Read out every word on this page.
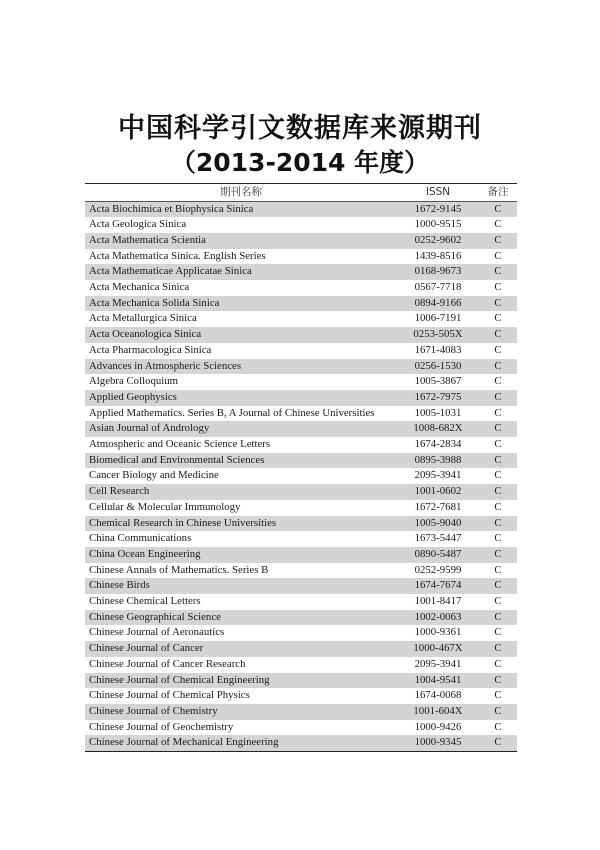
中国科学引文数据库来源期刊
（2013-2014 年度）
期刊名称	ISSN	备注
Acta Biochimica et Biophysica Sinica	1672-9145	C
Acta Geologica Sinica	1000-9515	C
Acta Mathematica Scientia	0252-9602	C
Acta Mathematica Sinica. English Series	1439-8516	C
Acta Mathematicae Applicatae Sinica	0168-9673	C
Acta Mechanica Sinica	0567-7718	C
Acta Mechanica Solida Sinica	0894-9166	C
Acta Metallurgica Sinica	1006-7191	C
Acta Oceanologica Sinica	0253-505X	C
Acta Pharmacologica Sinica	1671-4083	C
Advances in Atmospheric Sciences	0256-1530	C
Algebra Colloquium	1005-3867	C
Applied Geophysics	1672-7975	C
Applied Mathematics. Series B, A Journal of Chinese Universities	1005-1031	C
Asian Journal of Andrology	1008-682X	C
Atmospheric and Oceanic Science Letters	1674-2834	C
Biomedical and Environmental Sciences	0895-3988	C
Cancer Biology and Medicine	2095-3941	C
Cell Research	1001-0602	C
Cellular & Molecular Immunology	1672-7681	C
Chemical Research in Chinese Universities	1005-9040	C
China Communications	1673-5447	C
China Ocean Engineering	0890-5487	C
Chinese Annals of Mathematics. Series B	0252-9599	C
Chinese Birds	1674-7674	C
Chinese Chemical Letters	1001-8417	C
Chinese Geographical Science	1002-0063	C
Chinese Journal of Aeronautics	1000-9361	C
Chinese Journal of Cancer	1000-467X	C
Chinese Journal of Cancer Research	2095-3941	C
Chinese Journal of Chemical Engineering	1004-9541	C
Chinese Journal of Chemical Physics	1674-0068	C
Chinese Journal of Chemistry	1001-604X	C
Chinese Journal of Geochemistry	1000-9426	C
Chinese Journal of Mechanical Engineering	1000-9345	C
